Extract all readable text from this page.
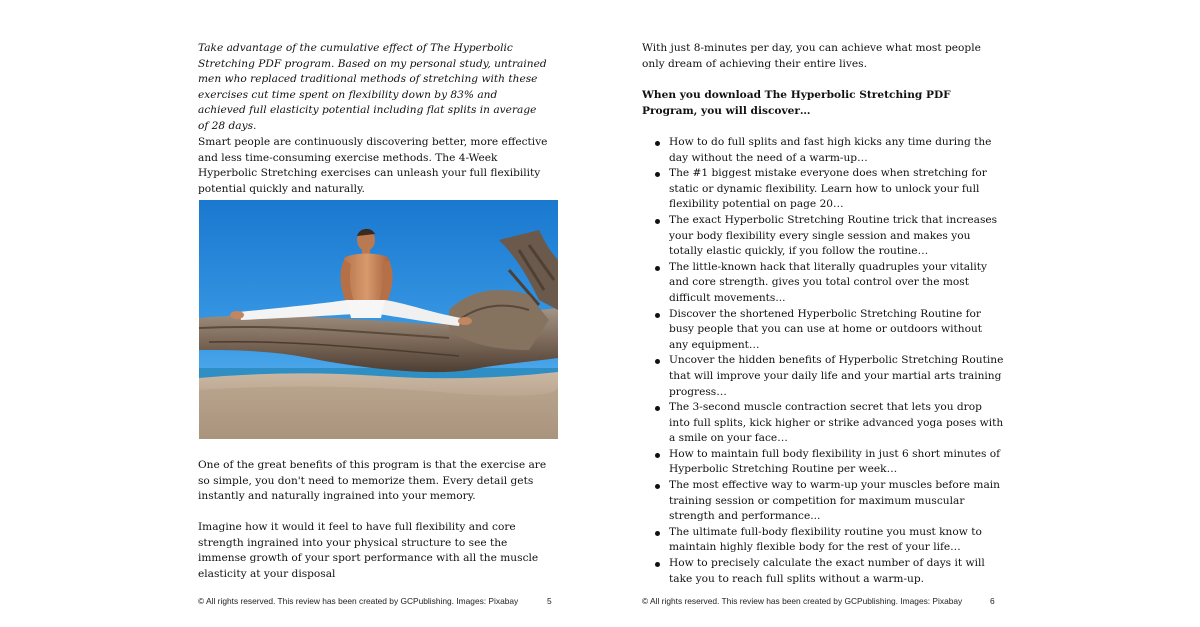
Take advantage of the cumulative effect of The Hyperbolic Stretching PDF program. Based on my personal study, untrained men who replaced traditional methods of stretching with these exercises cut time spent on flexibility down by 83% and achieved full elasticity potential including flat splits in average of 28 days.

Smart people are continuously discovering better, more effective and less time-consuming exercise methods. The 4-Week Hyperbolic Stretching exercises can unleash your full flexibility potential quickly and naturally.

One of the great benefits of this program is that the exercise are so simple, you don't need to memorize them. Every detail gets instantly and naturally ingrained into your memory.

Imagine how it would it feel to have full flexibility and core strength ingrained into your physical structure to see the immense growth of your sport performance with all the muscle elasticity at your disposal

© All rights reserved. This review has been created by GCPublishing. Images: Pixabay	5

With just 8-minutes per day, you can achieve what most people only dream of achieving their entire lives.

When you download The Hyperbolic Stretching PDF Program, you will discover…

How to do full splits and fast high kicks any time during the day without the need of a warm-up…
The #1 biggest mistake everyone does when stretching for static or dynamic flexibility. Learn how to unlock your full flexibility potential on page 20…
The exact Hyperbolic Stretching Routine trick that increases your body flexibility every single session and makes you totally elastic quickly, if you follow the routine…
The little-known hack that literally quadruples your vitality and core strength. gives you total control over the most difficult movements...
Discover the shortened Hyperbolic Stretching Routine for busy people that you can use at home or outdoors without any equipment…
Uncover the hidden benefits of Hyperbolic Stretching Routine that will improve your daily life and your martial arts training progress…
The 3-second muscle contraction secret that lets you drop into full splits, kick higher or strike advanced yoga poses with a smile on your face…
How to maintain full body flexibility in just 6 short minutes of Hyperbolic Stretching Routine per week…
The most effective way to warm-up your muscles before main training session or competition for maximum muscular strength and performance...
The ultimate full-body flexibility routine you must know to maintain highly flexible body for the rest of your life…
How to precisely calculate the exact number of days it will take you to reach full splits without a warm-up.
© All rights reserved. This review has been created by GCPublishing. Images: Pixabay	6
